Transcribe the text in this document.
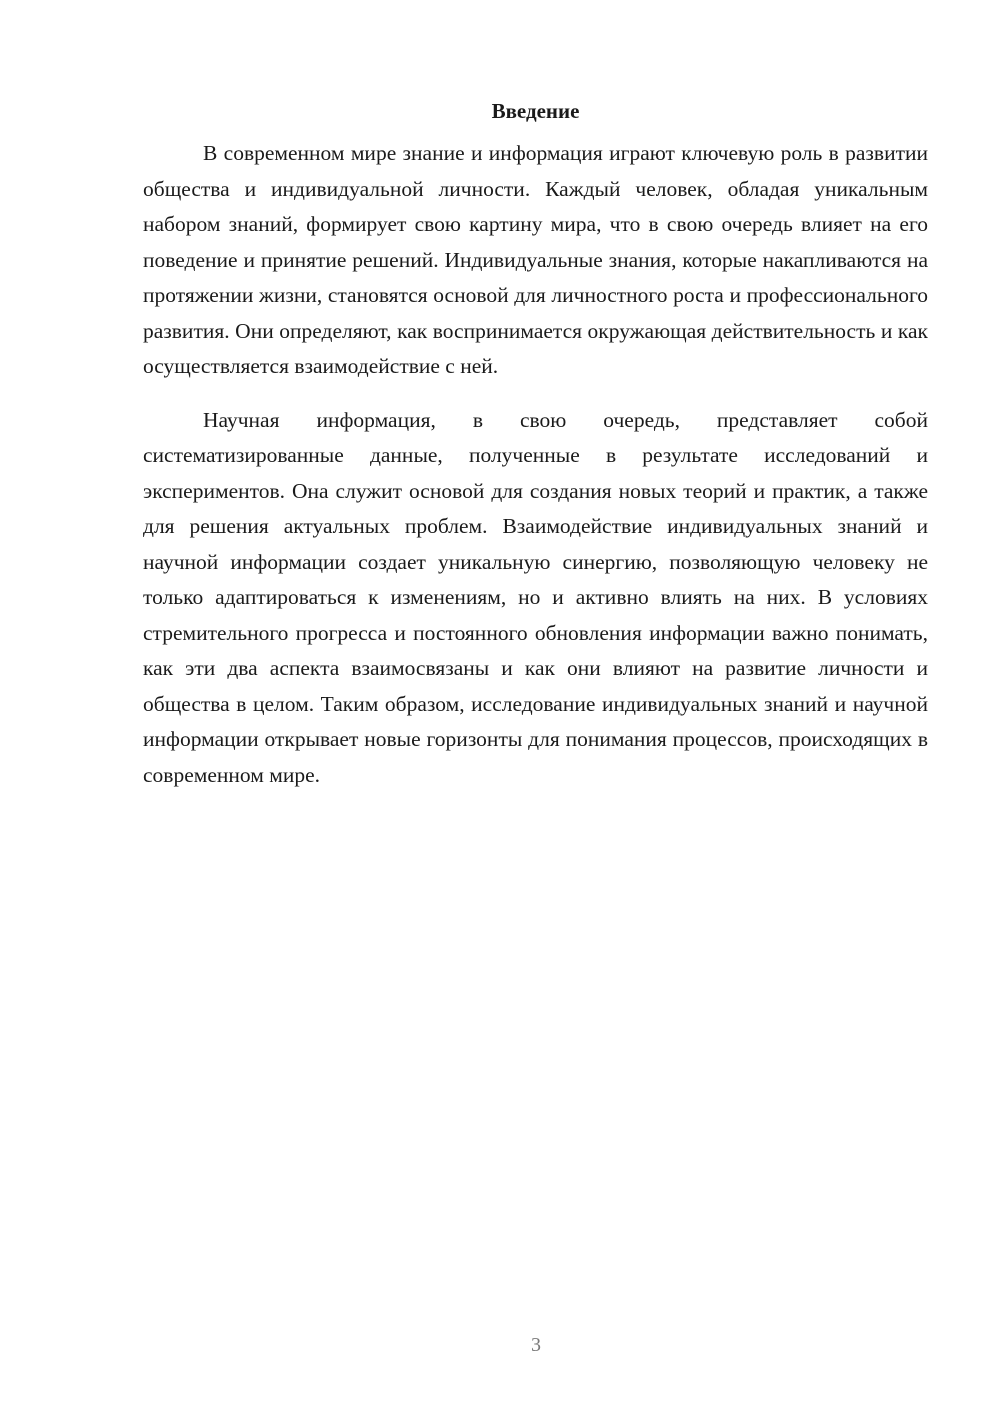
Введение

В современном мире знание и информация играют ключевую роль в развитии общества и индивидуальной личности. Каждый человек, обладая уникальным набором знаний, формирует свою картину мира, что в свою очередь влияет на его поведение и принятие решений. Индивидуальные знания, которые накапливаются на протяжении жизни, становятся основой для личностного роста и профессионального развития. Они определяют, как воспринимается окружающая действительность и как осуществляется взаимодействие с ней.

Научная информация, в свою очередь, представляет собой систематизированные данные, полученные в результате исследований и экспериментов. Она служит основой для создания новых теорий и практик, а также для решения актуальных проблем. Взаимодействие индивидуальных знаний и научной информации создает уникальную синергию, позволяющую человеку не только адаптироваться к изменениям, но и активно влиять на них. В условиях стремительного прогресса и постоянного обновления информации важно понимать, как эти два аспекта взаимосвязаны и как они влияют на развитие личности и общества в целом. Таким образом, исследование индивидуальных знаний и научной информации открывает новые горизонты для понимания процессов, происходящих в современном мире.

3
